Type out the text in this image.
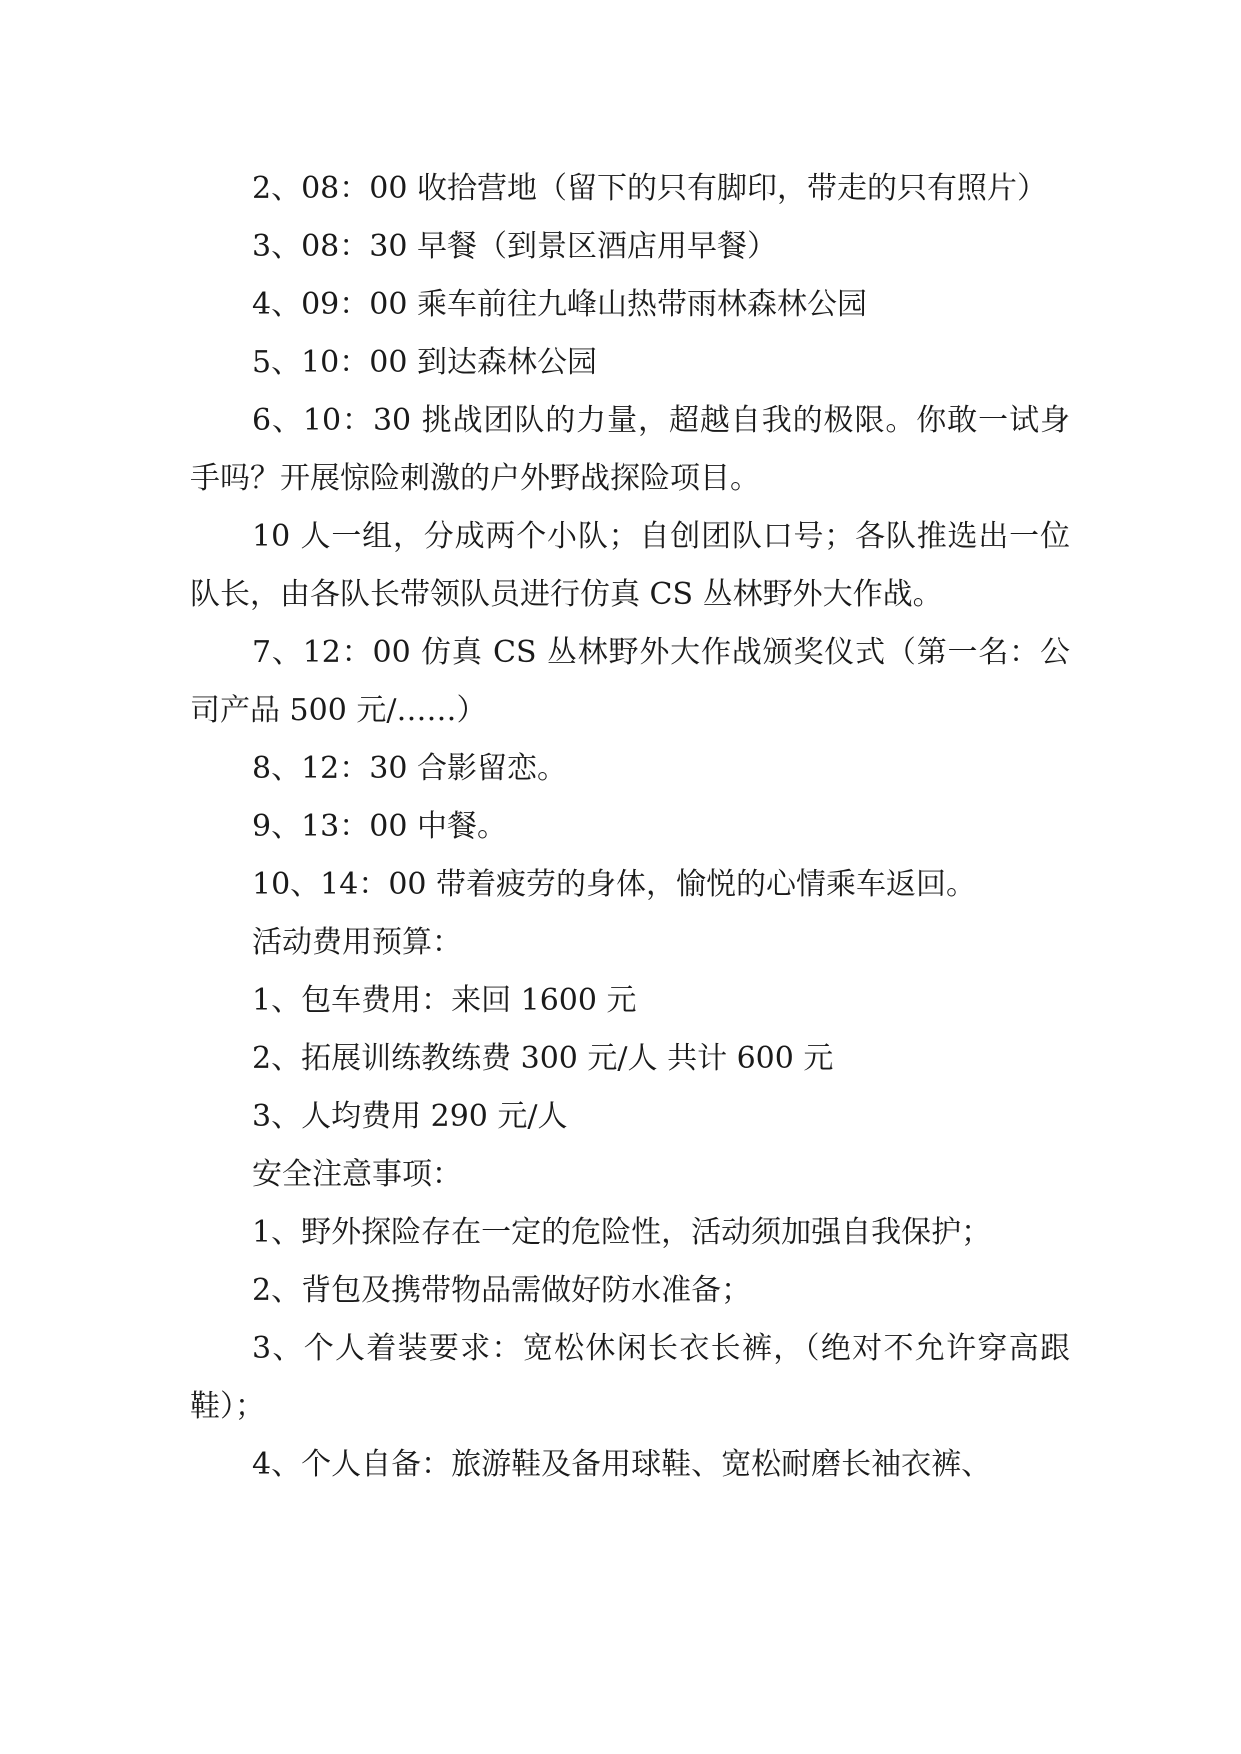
2、08：00 收拾营地（留下的只有脚印，带走的只有照片）

3、08：30 早餐（到景区酒店用早餐）

4、09：00 乘车前往九峰山热带雨林森林公园

5、10：00 到达森林公园

6、10：30 挑战团队的力量，超越自我的极限。你敢一试身手吗？开展惊险刺激的户外野战探险项目。

10 人一组，分成两个小队；自创团队口号；各队推选出一位队长，由各队长带领队员进行仿真 CS 丛林野外大作战。

7、12：00 仿真 CS 丛林野外大作战颁奖仪式（第一名：公司产品 500 元/……）

8、12：30 合影留恋。

9、13：00 中餐。

10、14：00 带着疲劳的身体，愉悦的心情乘车返回。

活动费用预算：

1、包车费用：来回 1600 元

2、拓展训练教练费 300 元/人 共计 600 元

3、人均费用 290 元/人

安全注意事项：

1、野外探险存在一定的危险性，活动须加强自我保护；

2、背包及携带物品需做好防水准备；

3、个人着装要求：宽松休闲长衣长裤，（绝对不允许穿高跟鞋）；

4、个人自备：旅游鞋及备用球鞋、宽松耐磨长袖衣裤、
